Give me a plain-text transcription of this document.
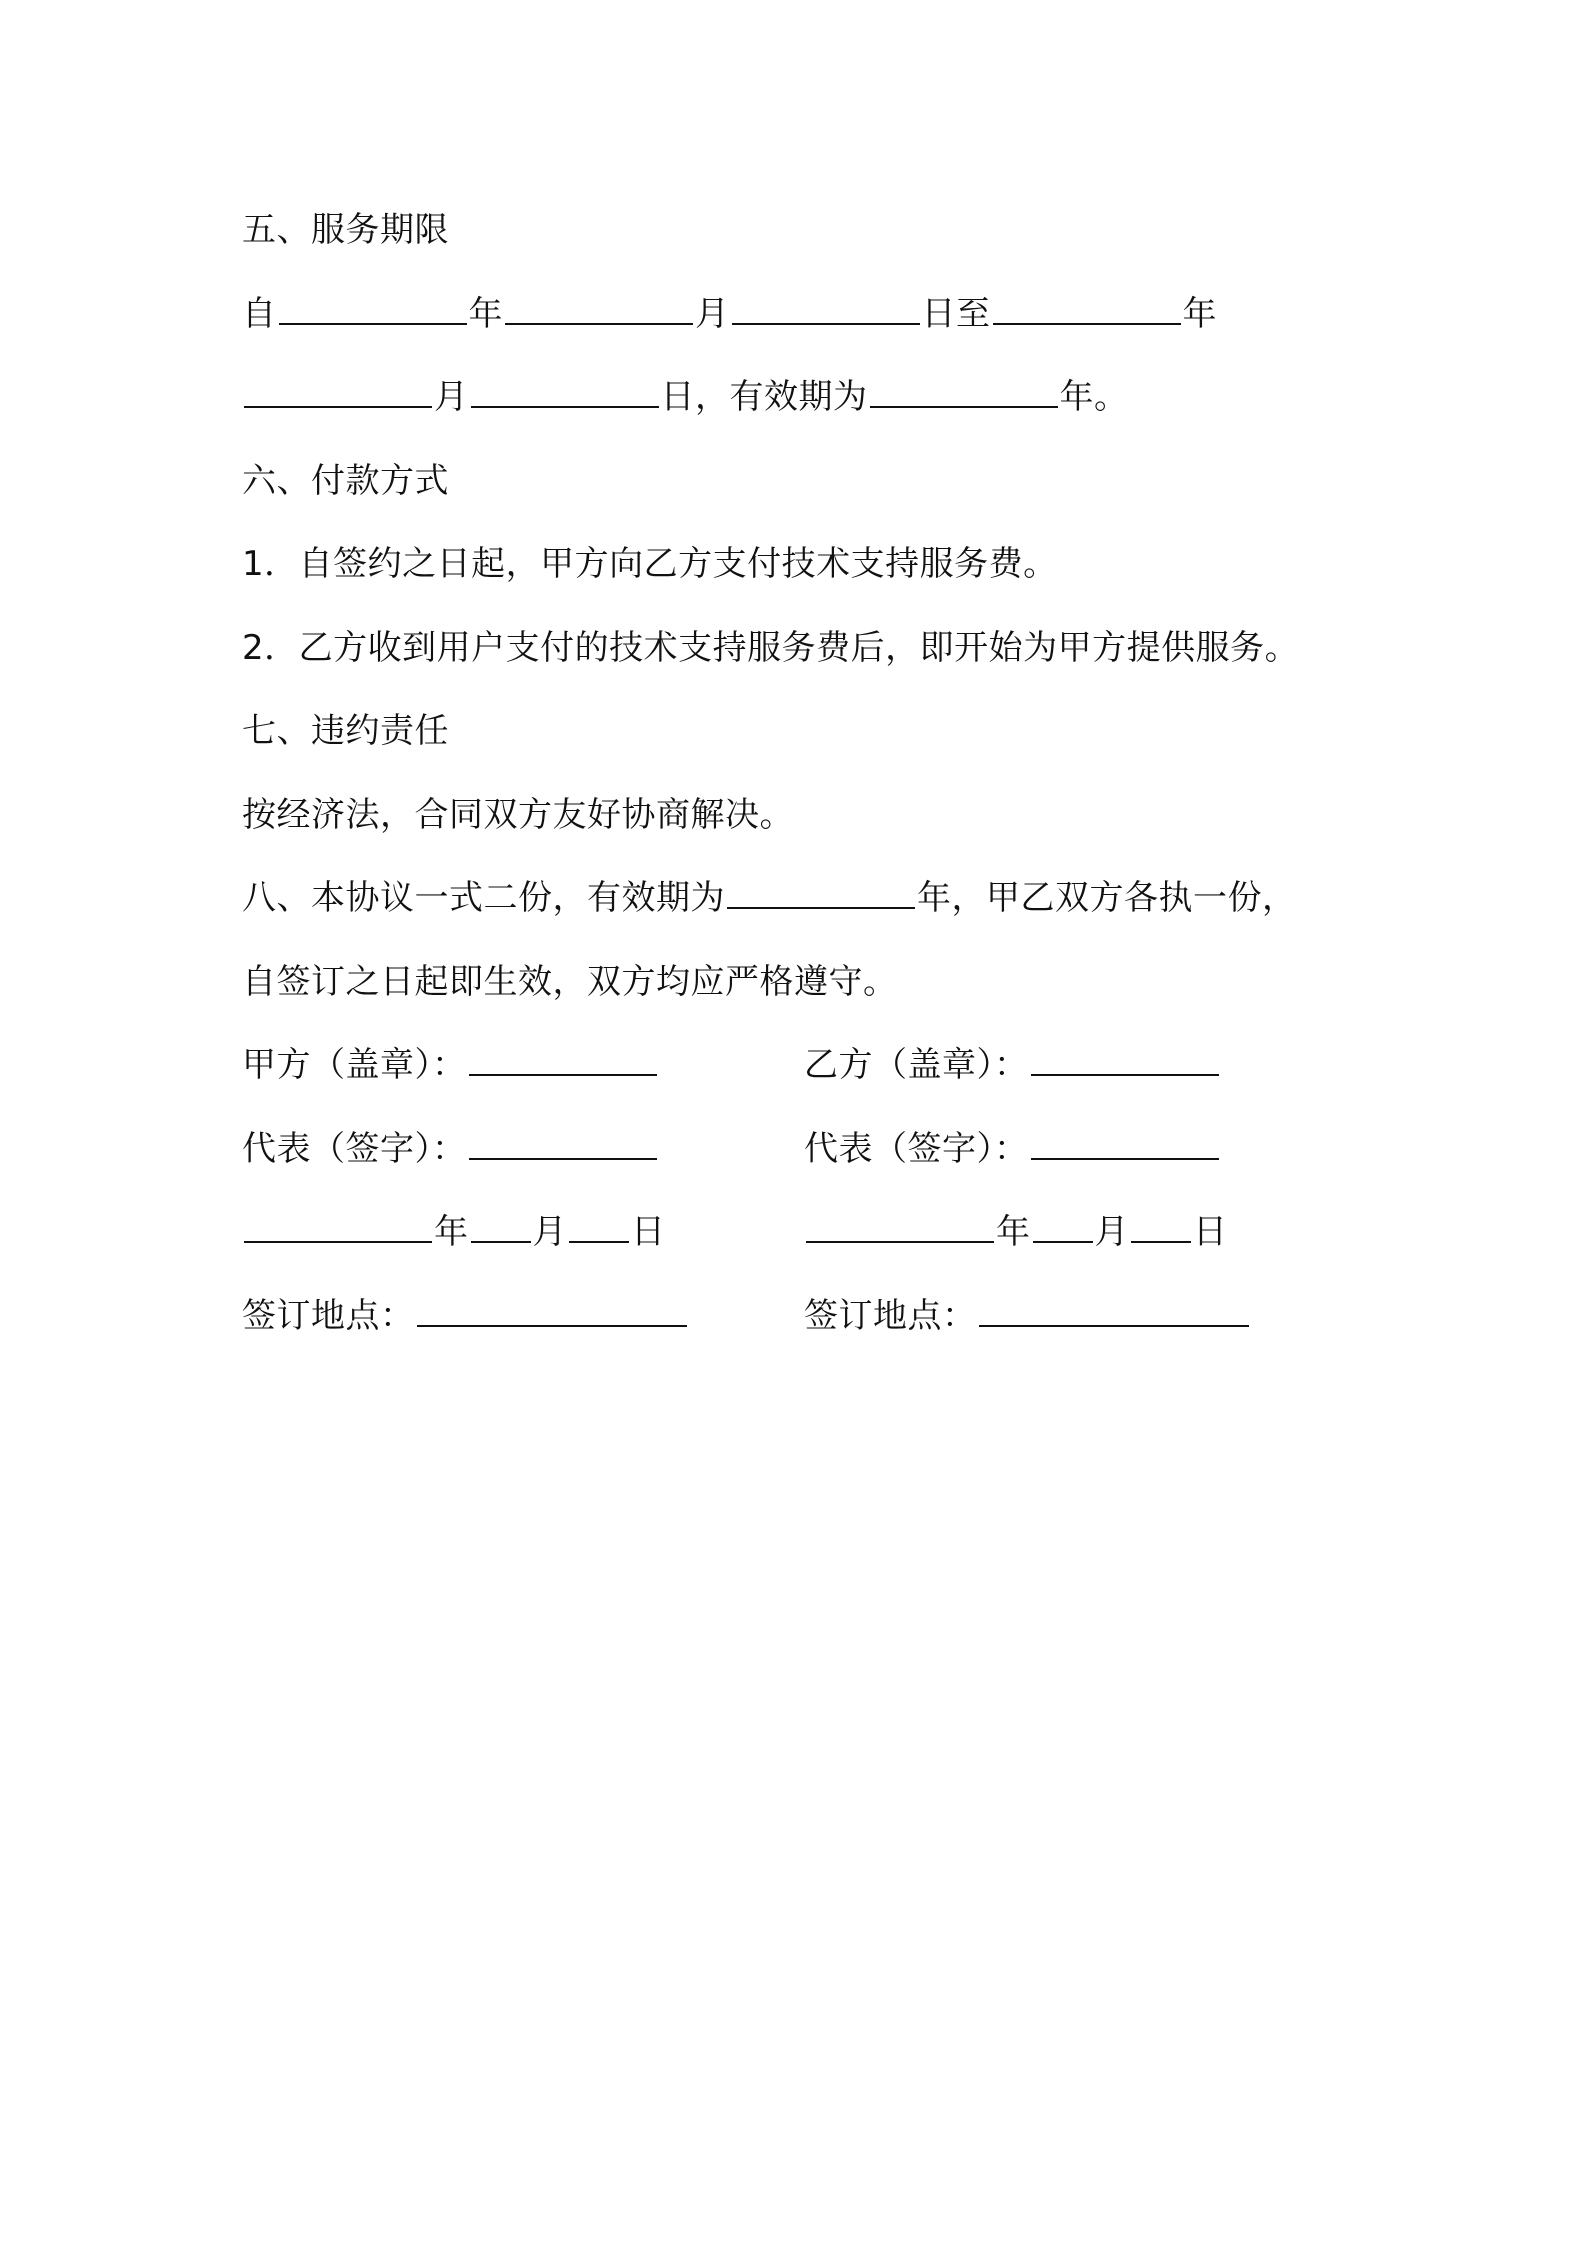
五、服务期限
自	年	月	日至	年
月	日，有效期为	年。
六、付款方式
1．自签约之日起，甲方向乙方支付技术支持服务费。
2．乙方收到用户支付的技术支持服务费后，即开始为甲方提供服务。
七、违约责任
按经济法，合同双方友好协商解决。
八、本协议一式二份，有效期为	年，甲乙双方各执一份，
自签订之日起即生效，双方均应严格遵守。
甲方（盖章）：	乙方（盖章）：
代表（签字）：	代表（签字）：
年 月 日	年 月 日
签订地点：	签订地点：
